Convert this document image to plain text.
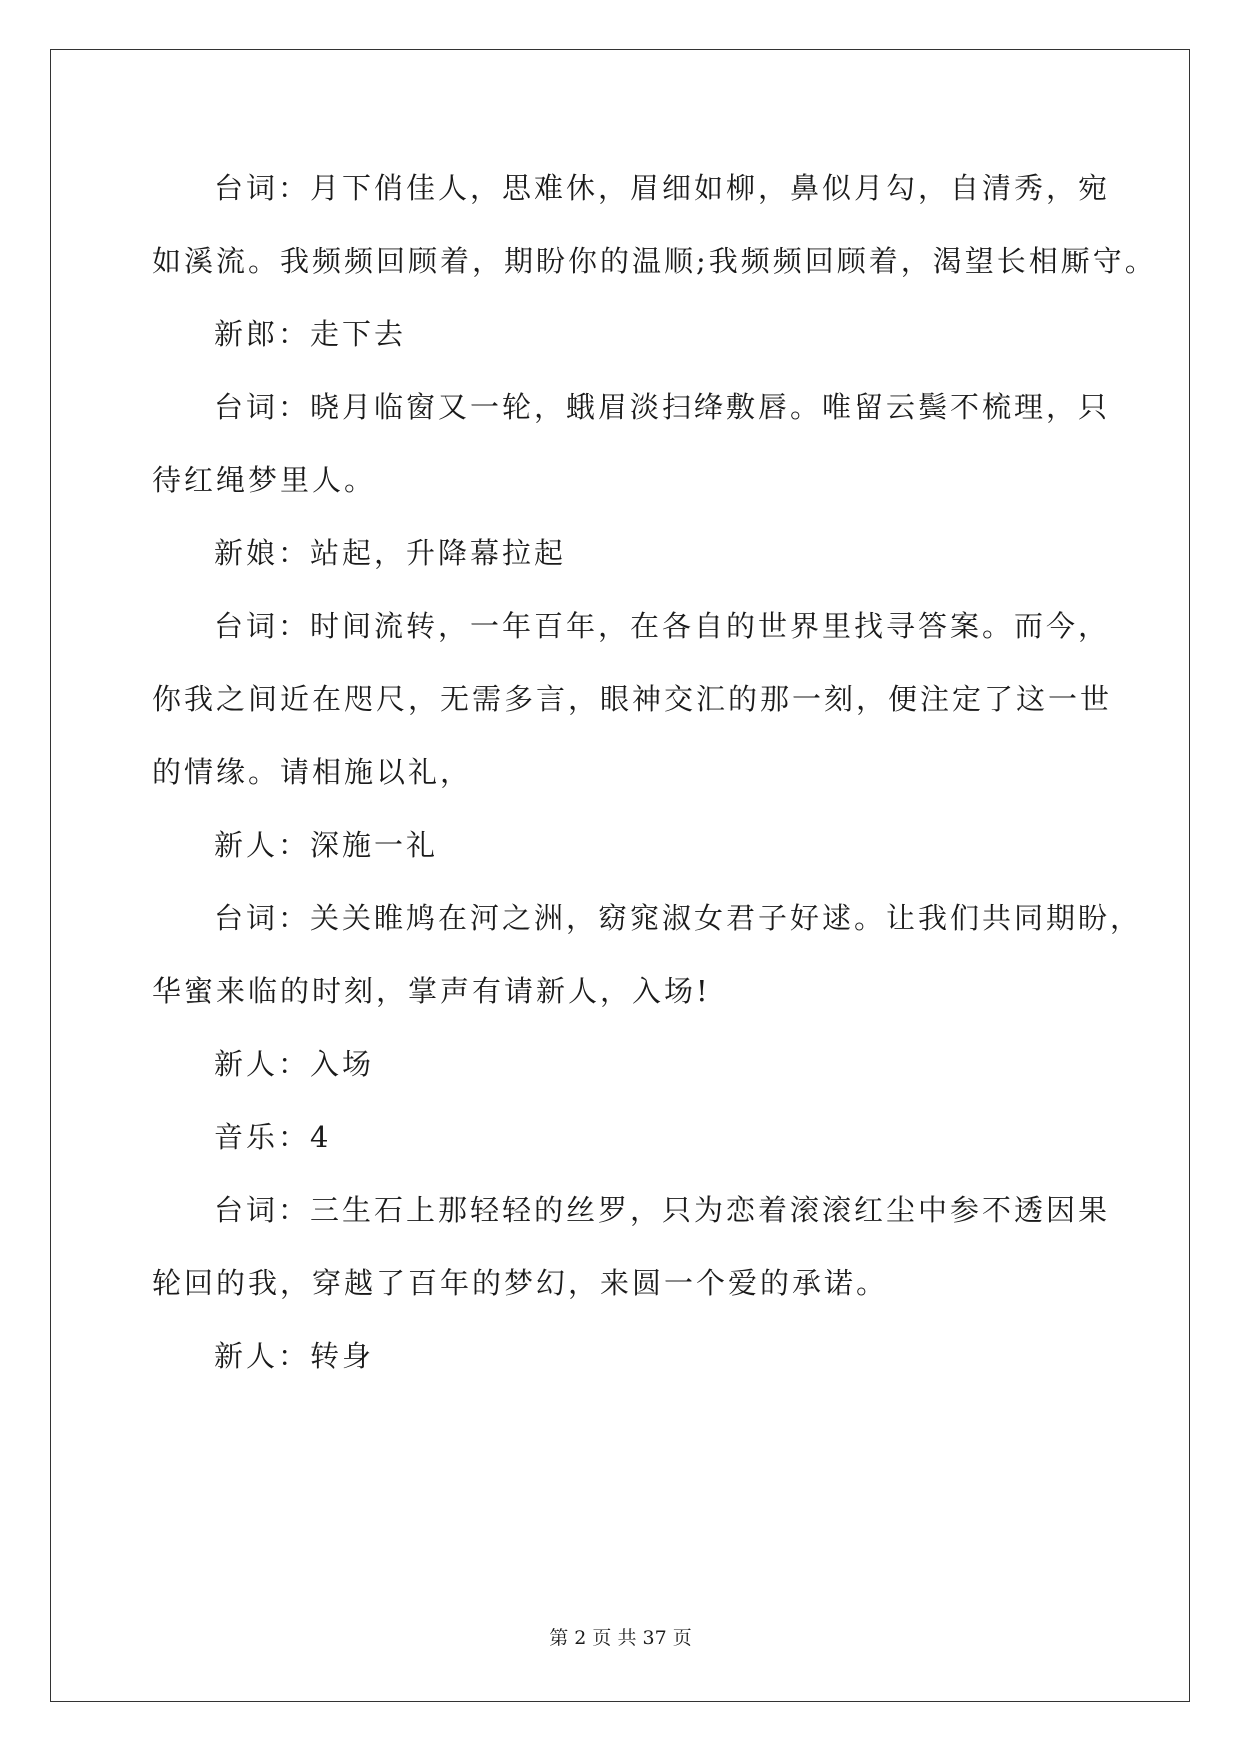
台词：月下俏佳人，思难休，眉细如柳，鼻似月勾，自清秀，宛
如溪流。我频频回顾着，期盼你的温顺;我频频回顾着，渴望长相厮守。
新郎：走下去
台词：晓月临窗又一轮，蛾眉淡扫绛敷唇。唯留云鬓不梳理，只
待红绳梦里人。
新娘：站起，升降幕拉起
台词：时间流转，一年百年，在各自的世界里找寻答案。而今，
你我之间近在咫尺，无需多言，眼神交汇的那一刻，便注定了这一世
的情缘。请相施以礼，
新人：深施一礼
台词：关关睢鸠在河之洲，窈窕淑女君子好逑。让我们共同期盼，
华蜜来临的时刻，掌声有请新人，入场!
新人：入场
音乐：4
台词：三生石上那轻轻的丝罗，只为恋着滚滚红尘中参不透因果
轮回的我，穿越了百年的梦幻，来圆一个爱的承诺。
新人：转身
第 2 页 共 37 页
